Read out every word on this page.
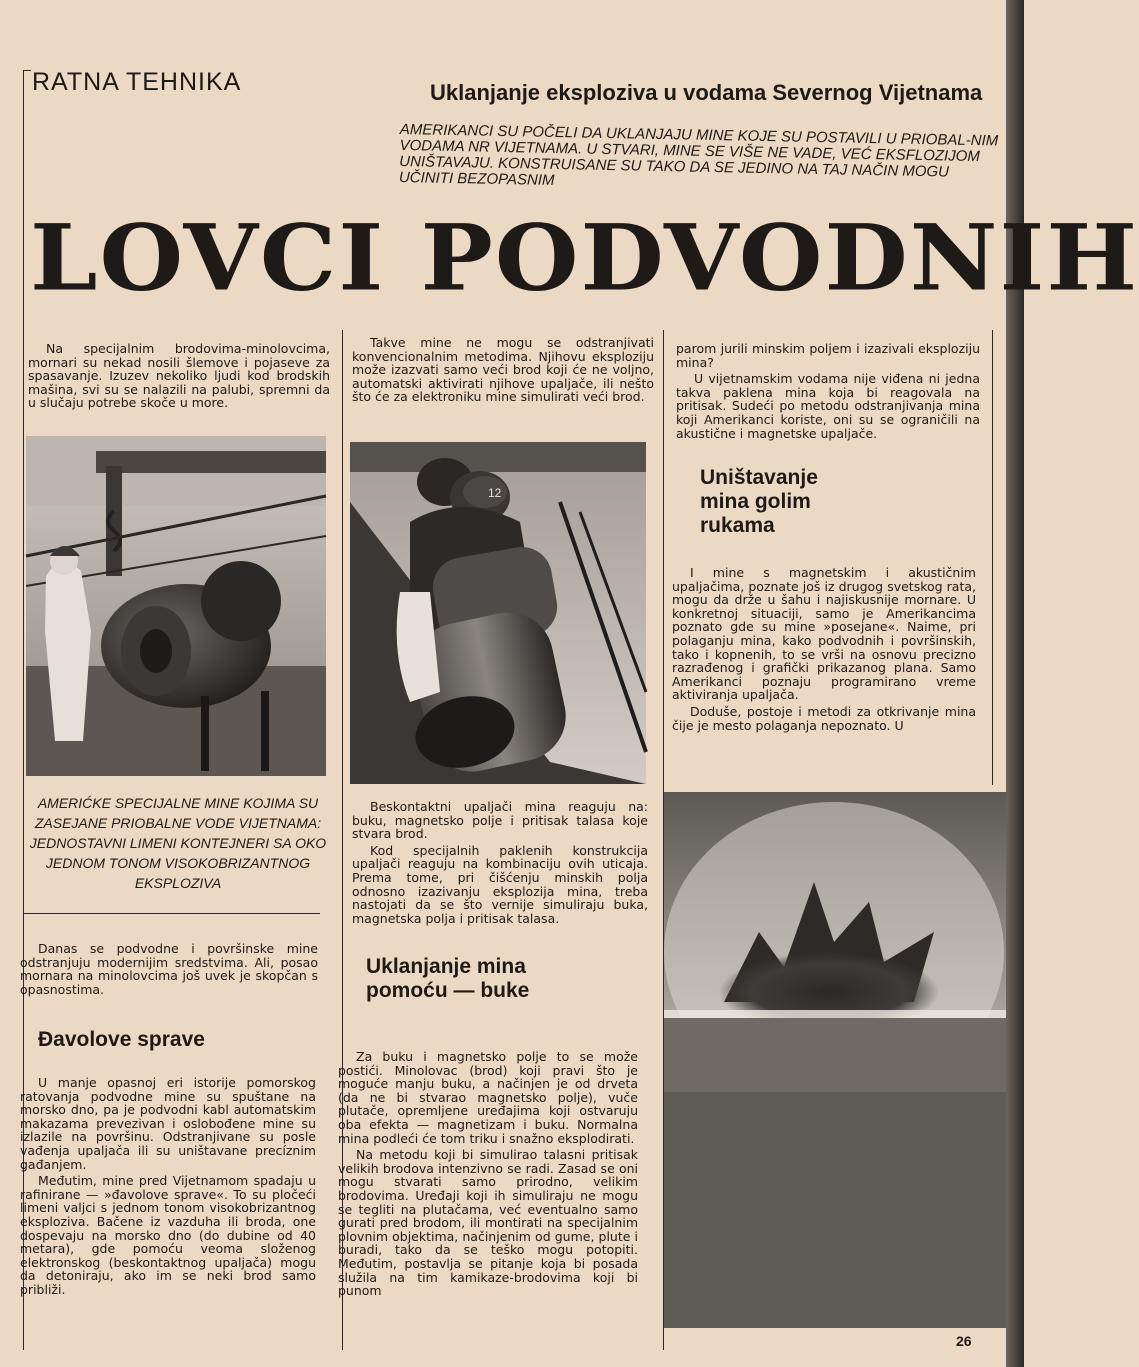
RATNA TEHNIKA	Uklanjanje eksploziva u vodama Severnog Vijetnama
AMERIKANCI SU POČELI DA UKLANJAJU MINE KOJE SU POSTAVILI U PRIOBAL-NIM VODAMA NR VIJETNAMA. U STVARI, MINE SE VIŠE NE VADE, VEĆ EKSFLOZIJOM UNIŠTAVAJU. KONSTRUISANE SU TAKO DA SE JEDINO NA TAJ NAČIN MOGU UČINITI BEZOPASNIM
LOVCI PODVODNIH

Na specijalnim brodovima-minolovcima, mornari su nekad nosili šlemove i pojaseve za spasavanje. Izuzev nekoliko ljudi kod brodskih mašina, svi su se nalazili na palubi, spremni da u slučaju potrebe skoče u more.

AMERIĆKE SPECIJALNE MINE KOJIMA SU ZASEJANE PRIOBALNE VODE VIJETNAMA: JEDNOSTAVNI LIMENI KONTEJNERI SA OKO JEDNOM TONOM VISOKOBRIZANTNOG EKSPLOZIVA

Danas se podvodne i površinske mine odstranjuju modernijim sredstvima. Ali, posao mornara na minolovcima još uvek je skopčan s opasnostima.

Đavolove sprave

U manje opasnoj eri istorije pomorskog ratovanja podvodne mine su spuštane na morsko dno, pa je podvodni kabl automatskim makazama prevezivan i oslobođene mine su izlazile na površinu. Odstranjivane su posle vađenja upaljača ili su uništavane precíznim gađanjem.

Međutim, mine pred Vijetnamom spadaju u rafinirane — »đavolove sprave«. To su pločeći limeni valjci s jednom tonom visokobrizantnog eksploziva. Bačene iz vazduha ili broda, one dospevaju na morsko dno (do dubine od 40 metara), gde pomoću veoma složenog elektronskog (beskontaktnog upaljača) mogu da detoniraju, ako im se neki brod samo približi.

Takve mine ne mogu se odstranjivati konvencionalnim metodima. Njihovu eksploziju može izazvati samo veći brod koji će ne voljno, automatski aktivirati njihove upaljače, ili nešto što će za elektroniku mine simulirati veći brod.

12

Beskontaktni upaljači mina reaguju na: buku, magnetsko polje i pritisak talasa koje stvara brod.

Kod specijalnih paklenih konstrukcija upaljači reaguju na kombinaciju ovih uticaja. Prema tome, pri čišćenju minskih polja odnosno izazivanju eksplozija mina, treba nastojati da se što vernije simuliraju buka, magnetska polja i pritisak talasa.

Uklanjanje mina pomoću — buke

Za buku i magnetsko polje to se može postići. Minolovac (brod) koji pravi što je moguće manju buku, a načinjen je od drveta (da ne bi stvarao magnetsko polje), vuče plutače, opremljene uređajima koji ostvaruju oba efekta — magnetizam i buku. Normalna mina podleći će tom triku i snažno eksplodirati.

Na metodu koji bi simulirao talasni pritisak velikih brodova intenzivno se radi. Zasad se oni mogu stvarati samo prirodno, velikim brodovima. Uređaji koji ih simuliraju ne mogu se tegliti na plutačama, već eventualno samo gurati pred brodom, ili montirati na specijalnim plovnim objektima, načinjenim od gume, plute i buradi, tako da se teško mogu potopiti. Međutim, postavlja se pitanje koja bi posada služila na tim kamikaze-brodovima koji bi punom

parom jurili minskim poljem i izazivali eksploziju mina?

U vijetnamskim vodama nije viđena ni jedna takva paklena mina koja bi reagovala na pritisak. Sudeći po metodu odstranjivanja mina koji Amerikanci koriste, oni su se ograničili na akustične i magnetske upaljače.

Uništavanje mina golim rukama

I mine s magnetskim i akustičnim upaljačima, poznate još iz drugog svetskog rata, mogu da drže u šahu i najiskusnije mornare. U konkretnoj situaciji, samo je Amerikancima poznato gde su mine »posejane«. Naime, pri polaganju mina, kako podvodnih i površinskih, tako i kopnenih, to se vrši na osnovu precizno razrađenog i grafički prikazanog plana. Samo Amerikanci poznaju programirano vreme aktiviranja upaljača.

Doduše, postoje i metodi za otkrivanje mina čije je mesto polaganja nepoznato. U

26
